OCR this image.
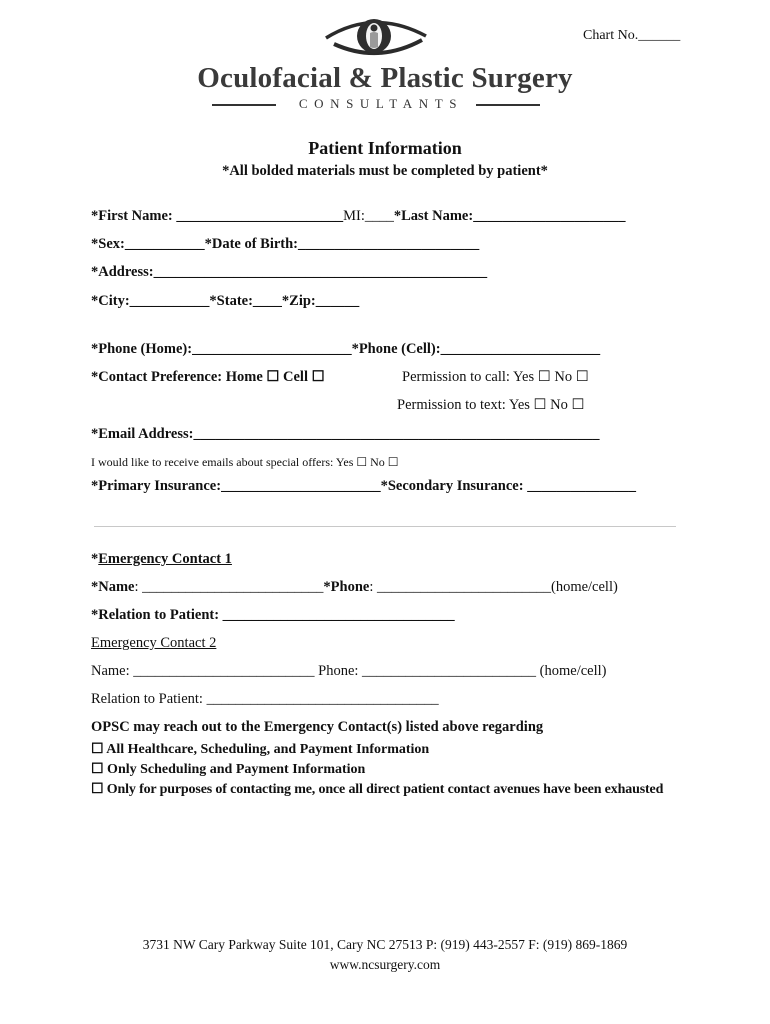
Chart No.______
Oculofacial & Plastic Surgery
CONSULTANTS
Patient Information
*All bolded materials must be completed by patient*
*First Name: _______________________MI:____*Last Name:_____________________
*Sex:___________*Date of Birth:_________________________
*Address:______________________________________________
*City:___________*State:____*Zip:______
*Phone (Home):______________________*Phone (Cell):______________________
*Contact Preference: Home ☐ Cell ☐	Permission to call: Yes ☐ No ☐
Permission to text: Yes ☐ No ☐
*Email Address:________________________________________________________
I would like to receive emails about special offers: Yes ☐ No ☐
*Primary Insurance:______________________*Secondary Insurance: _______________
*Emergency Contact 1
*Name: _________________________*Phone: ________________________(home/cell)
*Relation to Patient: ________________________________
Emergency Contact 2
Name: _________________________ Phone: ________________________ (home/cell)
Relation to Patient: ________________________________
OPSC may reach out to the Emergency Contact(s) listed above regarding
☐ All Healthcare, Scheduling, and Payment Information
☐ Only Scheduling and Payment Information
☐ Only for purposes of contacting me, once all direct patient contact avenues have been exhausted
3731 NW Cary Parkway Suite 101, Cary NC 27513 P: (919) 443-2557 F: (919) 869-1869
www.ncsurgery.com
